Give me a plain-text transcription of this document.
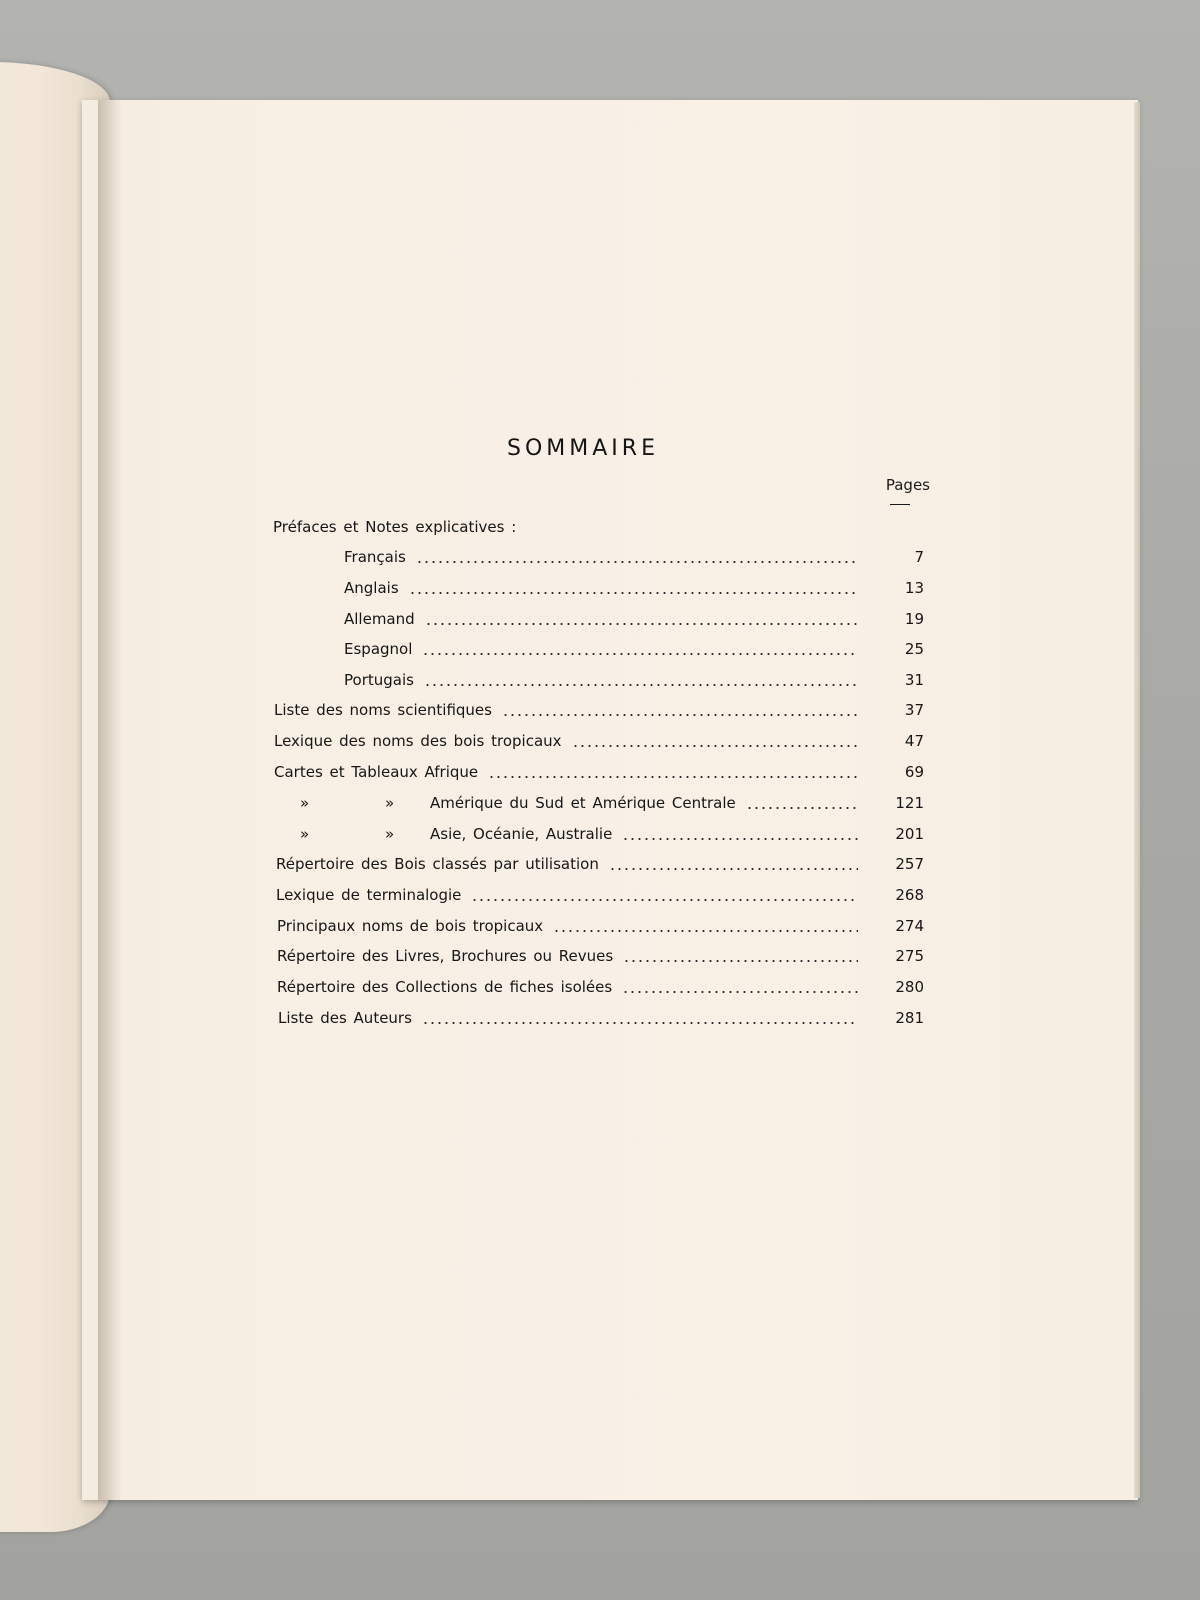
SOMMAIRE
Pages
Préfaces et Notes explicatives :
Français	7
Anglais	13
Allemand	19
Espagnol	25
Portugais	31
Liste des noms scientifiques	37
Lexique des noms des bois tropicaux	47
Cartes et Tableaux Afrique	69
»	»	Amérique du Sud et Amérique Centrale	121
»	»	Asie, Océanie, Australie	201
Répertoire des Bois classés par utilisation	257
Lexique de terminalogie	268
Principaux noms de bois tropicaux	274
Répertoire des Livres, Brochures ou Revues	275
Répertoire des Collections de fiches isolées	280
Liste des Auteurs	281
